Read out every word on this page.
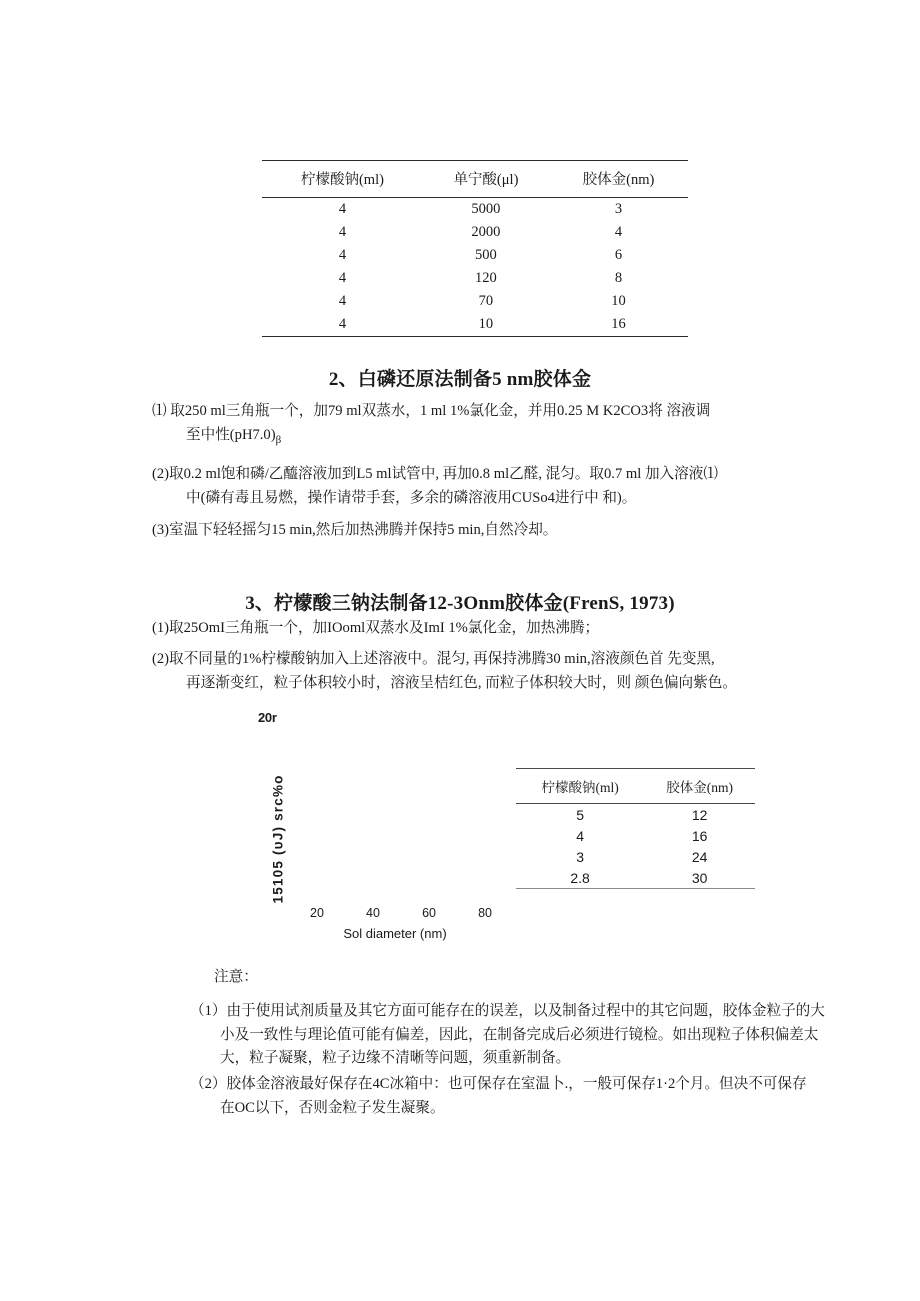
柠檬酸钠(ml)	单宁酸(μl)	胶体金(nm)
4	5000	3
4	2000	4
4	500	6
4	120	8
4	70	10
4	10	16
2、白磷还原法制备5 nm胶体金
⑴ 取250 ml三角瓶一个，加79 ml双蒸水，1 ml 1%氯化金，并用0.25 M K2CO3将 溶液调
至中性$(pH7.0)_\beta$
(2)取0.2 ml饱和磷/乙醯溶液加到L5 ml试管中, 再加0.8 ml乙醛, 混匀。取0.7 ml 加入溶液⑴
中(磷有毒且易燃，操作请带手套，多余的磷溶液用CUSo4进行中 和)。
(3)室温下轻轻摇匀15 min,然后加热沸腾并保持5 min,自然冷却。
3、柠檬酸三钠法制备12-3Onm胶体金(FrenS, 1973)
(1)取25OmI三角瓶一个，加IOoml双蒸水及ImI 1%氯化金，加热沸腾；
(2)取不同量的1%柠檬酸钠加入上述溶液中。混匀, 再保持沸腾30 min,溶液颜色首 先变黑,
再逐渐变红，粒子体积较小时，溶液呈桔红色, 而粒子体积较大时，则 颜色偏向紫色。
20r
15105 (ᴜJ) src%o
20	40	60	80
Sol diameter (nm)
柠檬酸钠(ml)	胶体金(nm)
5	12
4	16
3	24
2.8	30
注意：
（1）由于使用试剂质量及其它方面可能存在的误差，以及制备过程中的其它问题，胶体金粒子的大
小及一致性与理论值可能有偏差，因此，在制备完成后必须进行镜检。如出现粒子体积偏差太
大，粒子凝聚，粒子边缘不清晰等问题，须重新制备。
（2）胶体金溶液最好保存在4C冰箱中：也可保存在室温卜.，一般可保存1·2个月。但决不可保存
在OC以下，否则金粒子发生凝聚。
